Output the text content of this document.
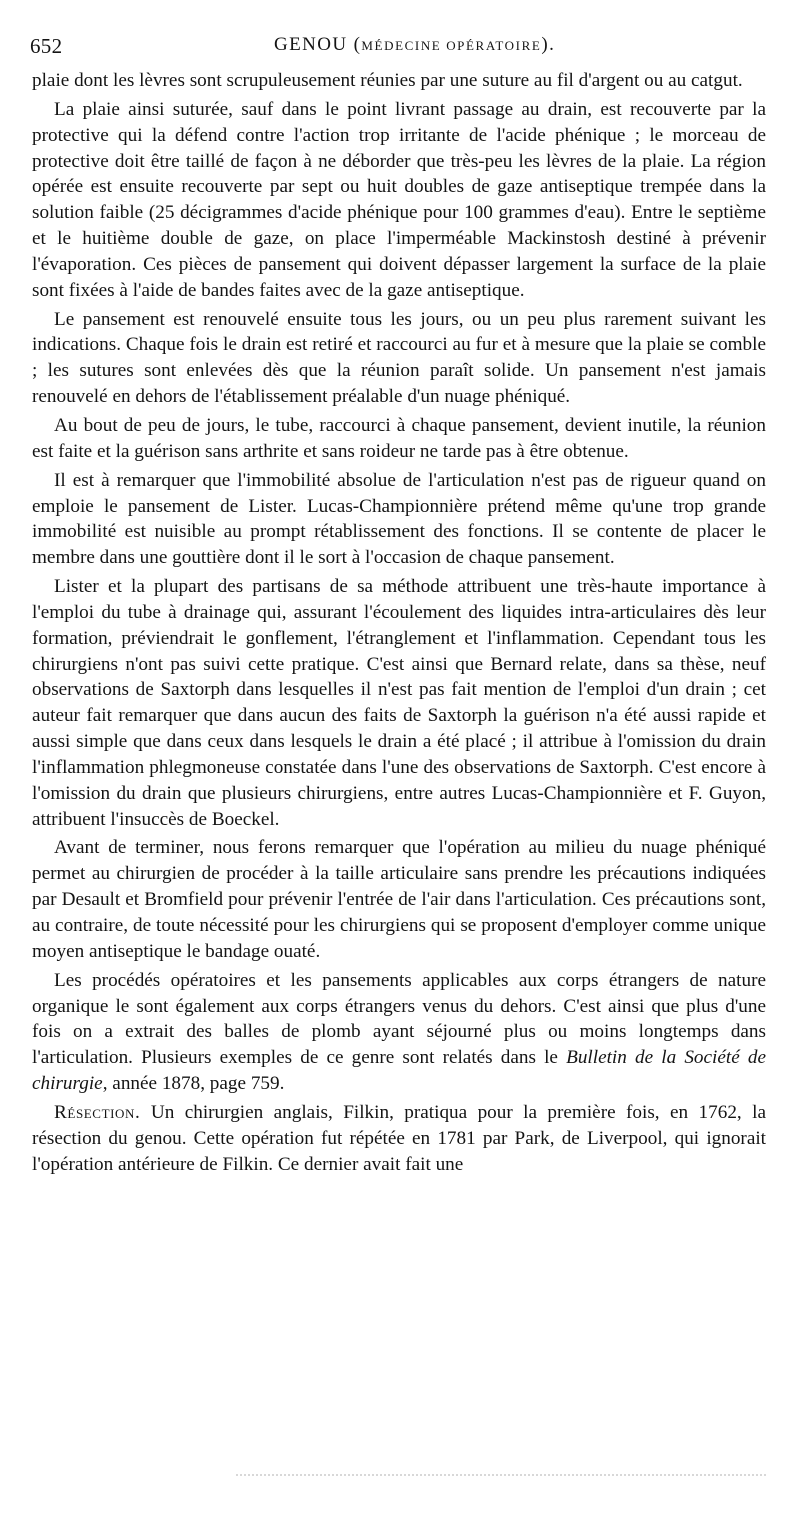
652	GENOU (MÉDECINE OPÉRATOIRE).

plaie dont les lèvres sont scrupuleusement réunies par une suture au fil d'argent ou au catgut.

La plaie ainsi suturée, sauf dans le point livrant passage au drain, est recouverte par la protective qui la défend contre l'action trop irritante de l'acide phénique ; le morceau de protective doit être taillé de façon à ne déborder que très-peu les lèvres de la plaie. La région opérée est ensuite recouverte par sept ou huit doubles de gaze antiseptique trempée dans la solution faible (25 décigrammes d'acide phénique pour 100 grammes d'eau). Entre le septième et le huitième double de gaze, on place l'imperméable Mackinstosh destiné à prévenir l'évaporation. Ces pièces de pansement qui doivent dépasser largement la surface de la plaie sont fixées à l'aide de bandes faites avec de la gaze antiseptique.

Le pansement est renouvelé ensuite tous les jours, ou un peu plus rarement suivant les indications. Chaque fois le drain est retiré et raccourci au fur et à mesure que la plaie se comble ; les sutures sont enlevées dès que la réunion paraît solide. Un pansement n'est jamais renouvelé en dehors de l'établissement préalable d'un nuage phéniqué.

Au bout de peu de jours, le tube, raccourci à chaque pansement, devient inutile, la réunion est faite et la guérison sans arthrite et sans roideur ne tarde pas à être obtenue.

Il est à remarquer que l'immobilité absolue de l'articulation n'est pas de rigueur quand on emploie le pansement de Lister. Lucas-Championnière prétend même qu'une trop grande immobilité est nuisible au prompt rétablissement des fonctions. Il se contente de placer le membre dans une gouttière dont il le sort à l'occasion de chaque pansement.

Lister et la plupart des partisans de sa méthode attribuent une très-haute importance à l'emploi du tube à drainage qui, assurant l'écoulement des liquides intra-articulaires dès leur formation, préviendrait le gonflement, l'étranglement et l'inflammation. Cependant tous les chirurgiens n'ont pas suivi cette pratique. C'est ainsi que Bernard relate, dans sa thèse, neuf observations de Saxtorph dans lesquelles il n'est pas fait mention de l'emploi d'un drain ; cet auteur fait remarquer que dans aucun des faits de Saxtorph la guérison n'a été aussi rapide et aussi simple que dans ceux dans lesquels le drain a été placé ; il attribue à l'omission du drain l'inflammation phlegmoneuse constatée dans l'une des observations de Saxtorph. C'est encore à l'omission du drain que plusieurs chirurgiens, entre autres Lucas-Championnière et F. Guyon, attribuent l'insuccès de Boeckel.

Avant de terminer, nous ferons remarquer que l'opération au milieu du nuage phéniqué permet au chirurgien de procéder à la taille articulaire sans prendre les précautions indiquées par Desault et Bromfield pour prévenir l'entrée de l'air dans l'articulation. Ces précautions sont, au contraire, de toute nécessité pour les chirurgiens qui se proposent d'employer comme unique moyen antiseptique le bandage ouaté.

Les procédés opératoires et les pansements applicables aux corps étrangers de nature organique le sont également aux corps étrangers venus du dehors. C'est ainsi que plus d'une fois on a extrait des balles de plomb ayant séjourné plus ou moins longtemps dans l'articulation. Plusieurs exemples de ce genre sont relatés dans le Bulletin de la Société de chirurgie, année 1878, page 759.

Résection. Un chirurgien anglais, Filkin, pratiqua pour la première fois, en 1762, la résection du genou. Cette opération fut répétée en 1781 par Park, de Liverpool, qui ignorait l'opération antérieure de Filkin. Ce dernier avait fait une
